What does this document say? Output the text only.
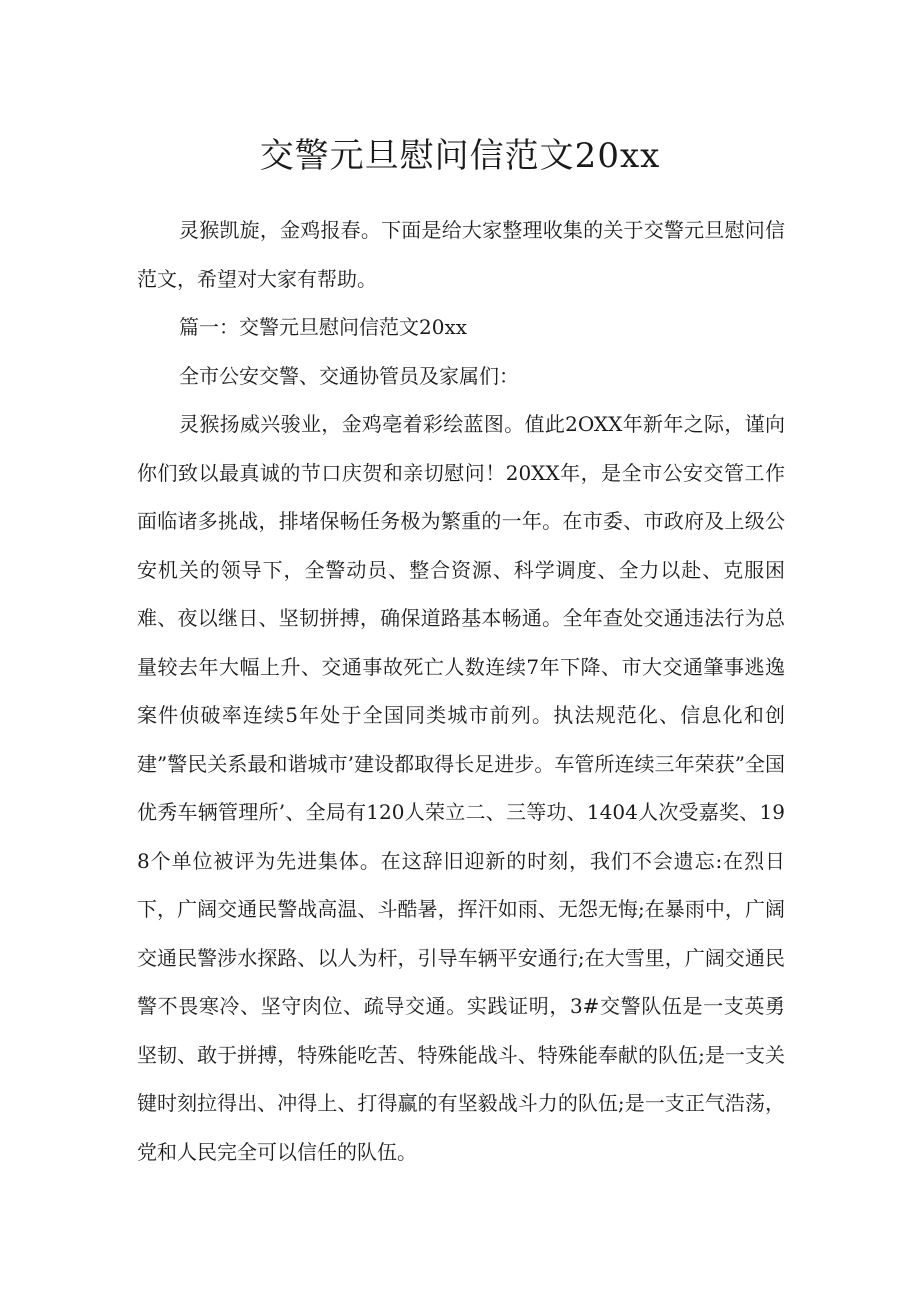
交警元旦慰问信范文20xx

灵猴凯旋，金鸡报春。下面是给大家整理收集的关于交警元旦慰问信范文，希望对大家有帮助。

篇一：交警元旦慰问信范文20xx

全市公安交警、交通协管员及家属们：

灵猴扬威兴骏业，金鸡亳着彩绘蓝图。值此2OXX年新年之际，谨向你们致以最真诚的节口庆贺和亲切慰问！20XX年，是全市公安交管工作面临诸多挑战，排堵保畅任务极为繁重的一年。在市委、市政府及上级公安机关的领导下，全警动员、整合资源、科学调度、全力以赴、克服困难、夜以继日、坚韧拼搏，确保道路基本畅通。全年查处交通违法行为总量较去年大幅上升、交通事故死亡人数连续7年下降、市大交通肇事逃逸案件侦破率连续5年处于全国同类城市前列。执法规范化、信息化和创建”警民关系最和谐城市’建设都取得长足进步。车管所连续三年荣获”全国优秀车辆管理所’、全局有120人荣立二、三等功、1404人次受嘉奖、198个单位被评为先进集体。在这辞旧迎新的时刻，我们不会遗忘:在烈日下，广阔交通民警战高温、斗酷暑，挥汗如雨、无怨无悔;在暴雨中，广阔交通民警涉水探路、以人为杆，引导车辆平安通行;在大雪里，广阔交通民警不畏寒冷、坚守肉位、疏导交通。实践证明，3#交警队伍是一支英勇坚韧、敢于拼搏，特殊能吃苦、特殊能战斗、特殊能奉献的队伍;是一支关键时刻拉得出、冲得上、打得赢的有坚毅战斗力的队伍;是一支正气浩荡，党和人民完全可以信任的队伍。
